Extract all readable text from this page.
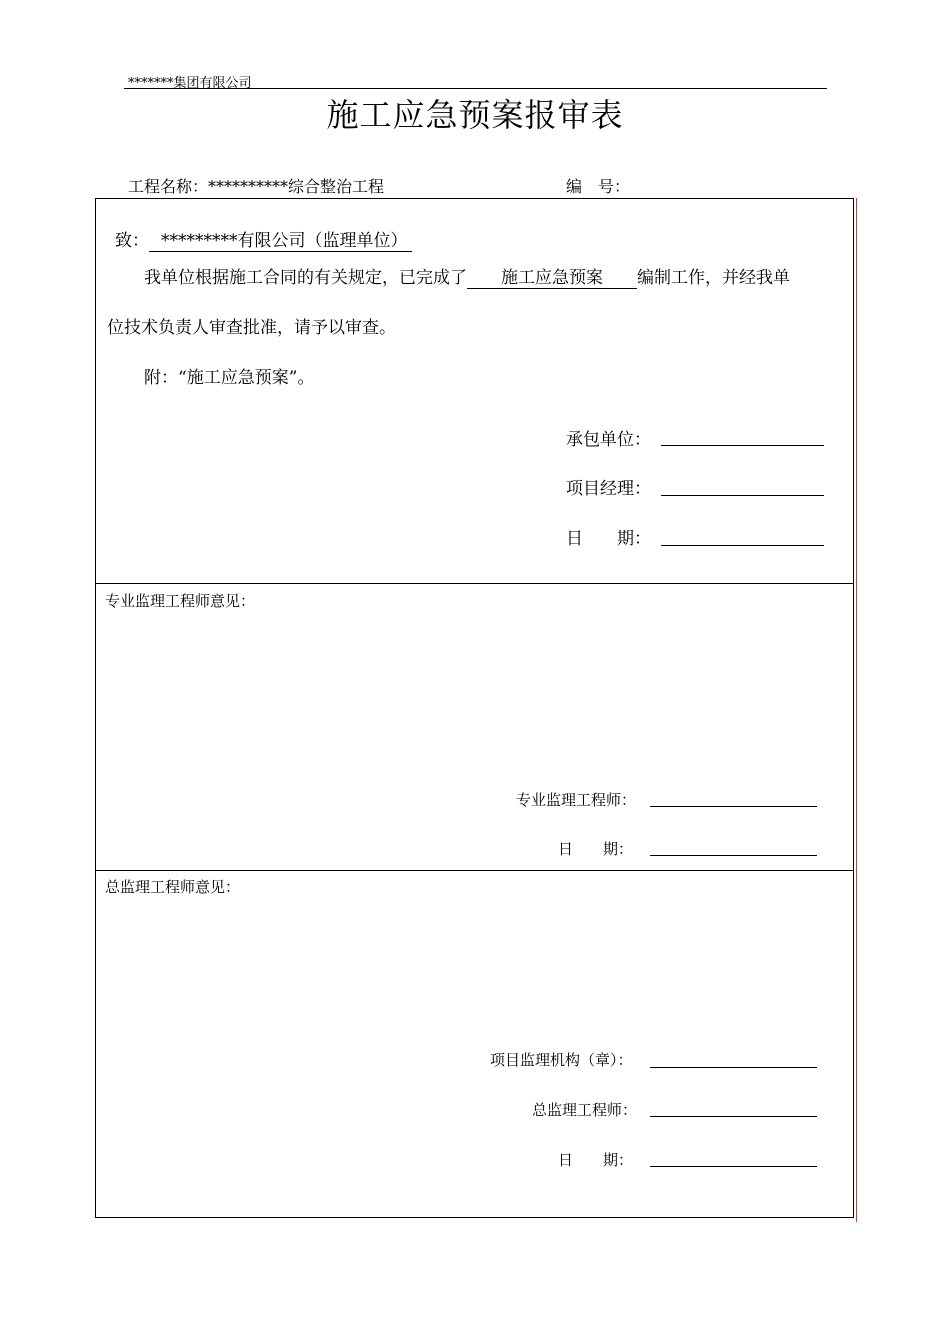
*******集团有限公司
施工应急预案报审表
工程名称：**********综合整治工程	编　号：
致： *********有限公司（监理单位）
我单位根据施工合同的有关规定，已完成了 施工应急预案 编制工作，并经我单
位技术负责人审查批准，请予以审查。
附：“施工应急预案”。
承包单位：
项目经理：
日　　期：
专业监理工程师意见：
专业监理工程师：
日　　期：
总监理工程师意见：
项目监理机构（章）：
总监理工程师：
日　　期：
